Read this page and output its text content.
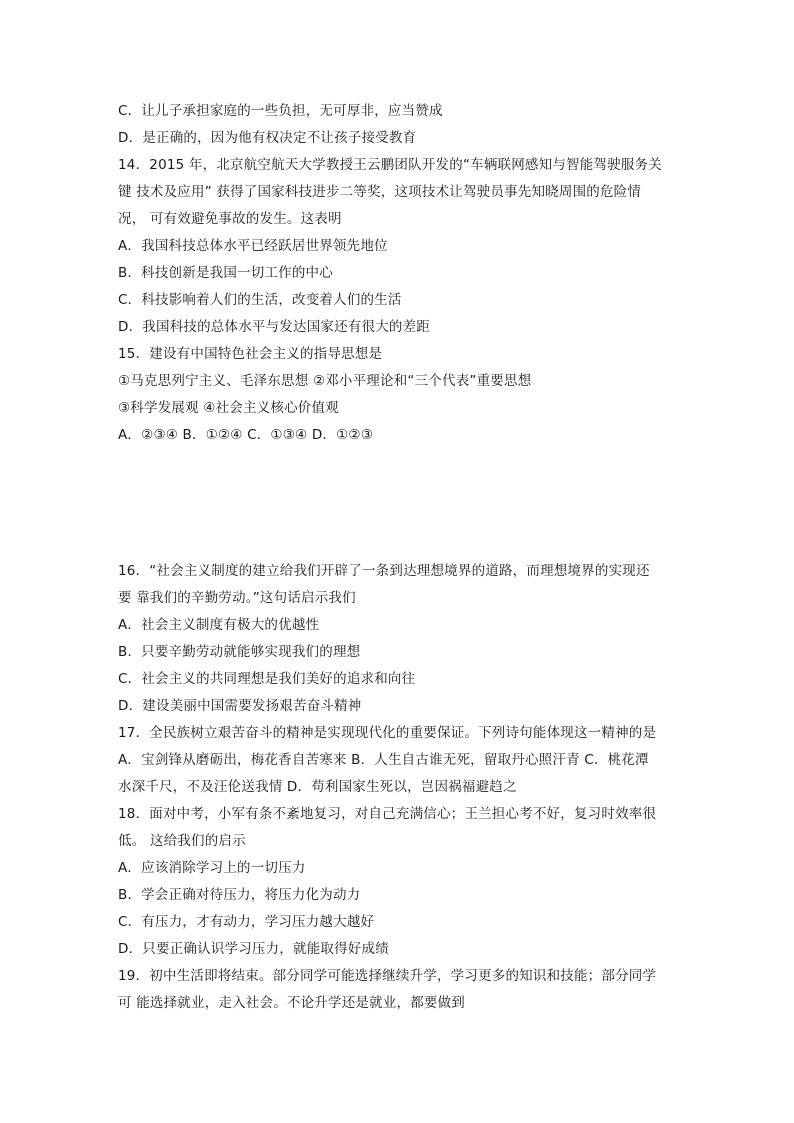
C．让儿子承担家庭的一些负担，无可厚非，应当赞成
D．是正确的，因为他有权决定不让孩子接受教育
14．2015 年，北京航空航天大学教授王云鹏团队开发的“车辆联网感知与智能驾驶服务关
键 技术及应用” 获得了国家科技进步二等奖，这项技术让驾驶员事先知晓周围的危险情
况， 可有效避免事故的发生。这表明
A．我国科技总体水平已经跃居世界领先地位
B．科技创新是我国一切工作的中心
C．科技影响着人们的生活，改变着人们的生活
D．我国科技的总体水平与发达国家还有很大的差距
15．建设有中国特色社会主义的指导思想是
①马克思列宁主义、毛泽东思想 ②邓小平理论和“三个代表”重要思想
③科学发展观 ④社会主义核心价值观
A．②③④ B．①②④ C．①③④ D．①②③
16．“社会主义制度的建立给我们开辟了一条到达理想境界的道路，而理想境界的实现还
要 靠我们的辛勤劳动。”这句话启示我们
A．社会主义制度有极大的优越性
B．只要辛勤劳动就能够实现我们的理想
C．社会主义的共同理想是我们美好的追求和向往
D．建设美丽中国需要发扬艰苦奋斗精神
17．全民族树立艰苦奋斗的精神是实现现代化的重要保证。下列诗句能体现这一精神的是
A．宝剑锋从磨砺出，梅花香自苦寒来 B．人生自古谁无死，留取丹心照汗青 C．桃花潭
水深千尺，不及汪伦送我情 D．苟利国家生死以，岂因祸福避趋之
18．面对中考，小军有条不紊地复习，对自己充满信心；王兰担心考不好，复习时效率很
低。 这给我们的启示
A．应该消除学习上的一切压力
B．学会正确对待压力，将压力化为动力
C．有压力，才有动力，学习压力越大越好
D．只要正确认识学习压力，就能取得好成绩
19．初中生活即将结束。部分同学可能选择继续升学，学习更多的知识和技能；部分同学
可 能选择就业，走入社会。不论升学还是就业，都要做到
